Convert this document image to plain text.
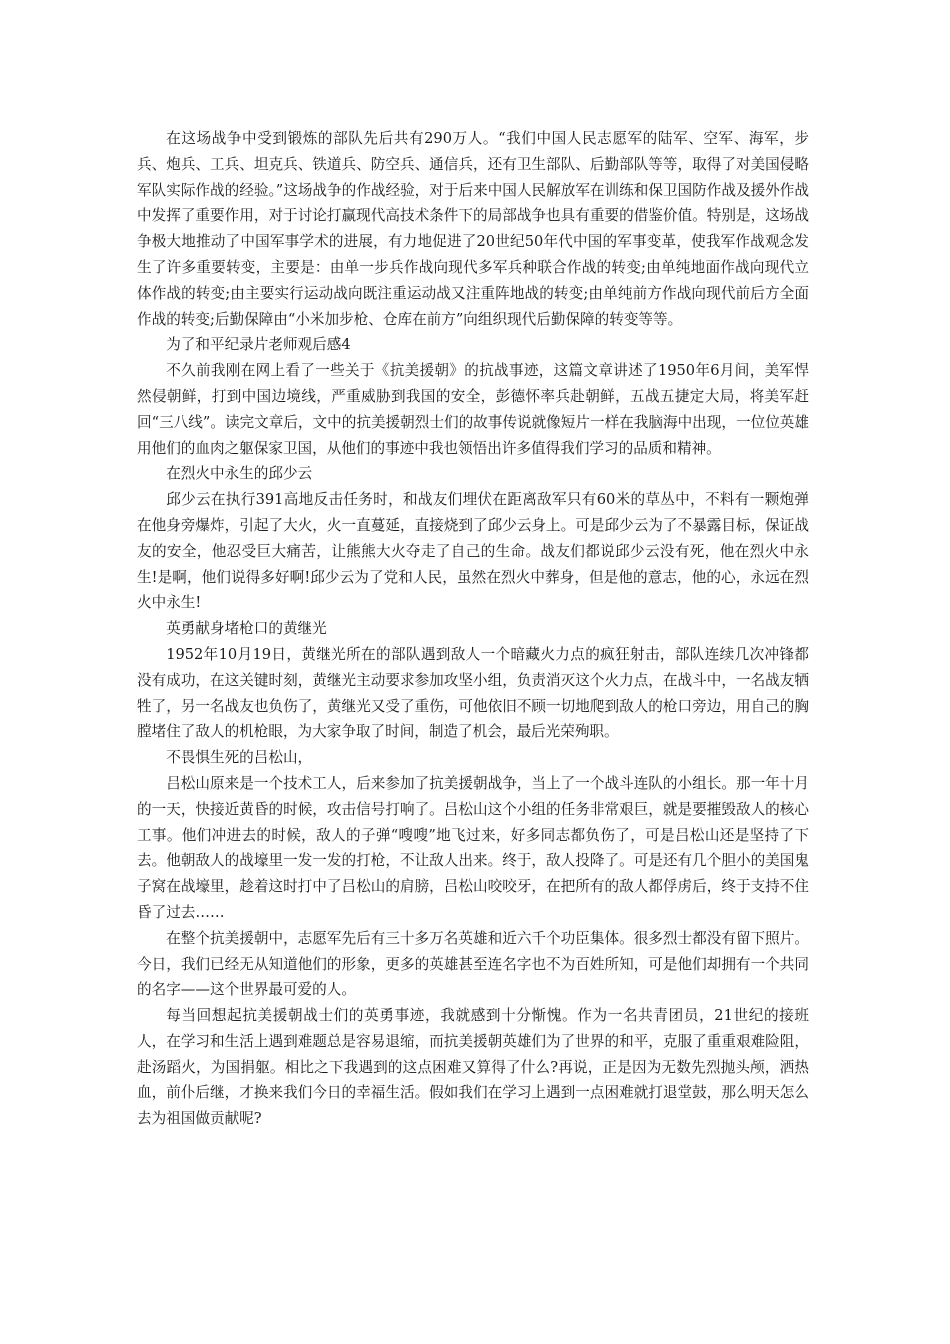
在这场战争中受到锻炼的部队先后共有290万人。“我们中国人民志愿军的陆军、空军、海军，步兵、炮兵、工兵、坦克兵、铁道兵、防空兵、通信兵，还有卫生部队、后勤部队等等，取得了对美国侵略军队实际作战的经验。”这场战争的作战经验，对于后来中国人民解放军在训练和保卫国防作战及援外作战中发挥了重要作用，对于讨论打赢现代高技术条件下的局部战争也具有重要的借鉴价值。特别是，这场战争极大地推动了中国军事学术的进展，有力地促进了20世纪50年代中国的军事变革，使我军作战观念发生了许多重要转变，主要是：由单一步兵作战向现代多军兵种联合作战的转变;由单纯地面作战向现代立体作战的转变;由主要实行运动战向既注重运动战又注重阵地战的转变;由单纯前方作战向现代前后方全面作战的转变;后勤保障由“小米加步枪、仓库在前方”向组织现代后勤保障的转变等等。

为了和平纪录片老师观后感4

不久前我刚在网上看了一些关于《抗美援朝》的抗战事迹，这篇文章讲述了1950年6月间，美军悍然侵朝鲜，打到中国边境线，严重威胁到我国的安全，彭德怀率兵赴朝鲜，五战五捷定大局，将美军赶回“三八线”。读完文章后，文中的抗美援朝烈士们的故事传说就像短片一样在我脑海中出现，一位位英雄用他们的血肉之躯保家卫国，从他们的事迹中我也领悟出许多值得我们学习的品质和精神。

在烈火中永生的邱少云

邱少云在执行391高地反击任务时，和战友们埋伏在距离敌军只有60米的草丛中，不料有一颗炮弹在他身旁爆炸，引起了大火，火一直蔓延，直接烧到了邱少云身上。可是邱少云为了不暴露目标，保证战友的安全，他忍受巨大痛苦，让熊熊大火夺走了自己的生命。战友们都说邱少云没有死，他在烈火中永生!是啊，他们说得多好啊!邱少云为了党和人民，虽然在烈火中葬身，但是他的意志，他的心，永远在烈火中永生!

英勇献身堵枪口的黄继光

1952年10月19日，黄继光所在的部队遇到敌人一个暗藏火力点的疯狂射击，部队连续几次冲锋都没有成功，在这关键时刻，黄继光主动要求参加攻坚小组，负责消灭这个火力点，在战斗中，一名战友牺牲了，另一名战友也负伤了，黄继光又受了重伤，可他依旧不顾一切地爬到敌人的枪口旁边，用自己的胸膛堵住了敌人的机枪眼，为大家争取了时间，制造了机会，最后光荣殉职。

不畏惧生死的吕松山，

吕松山原来是一个技术工人，后来参加了抗美援朝战争，当上了一个战斗连队的小组长。那一年十月的一天，快接近黄昏的时候，攻击信号打响了。吕松山这个小组的任务非常艰巨，就是要摧毁敌人的核心工事。他们冲进去的时候，敌人的子弹“嗖嗖”地飞过来，好多同志都负伤了，可是吕松山还是坚持了下去。他朝敌人的战壕里一发一发的打枪，不让敌人出来。终于，敌人投降了。可是还有几个胆小的美国鬼子窝在战壕里，趁着这时打中了吕松山的肩膀，吕松山咬咬牙，在把所有的敌人都俘虏后，终于支持不住昏了过去……

在整个抗美援朝中，志愿军先后有三十多万名英雄和近六千个功臣集体。很多烈士都没有留下照片。今日，我们已经无从知道他们的形象，更多的英雄甚至连名字也不为百姓所知，可是他们却拥有一个共同的名字——这个世界最可爱的人。

每当回想起抗美援朝战士们的英勇事迹，我就感到十分惭愧。作为一名共青团员，21世纪的接班人，在学习和生活上遇到难题总是容易退缩，而抗美援朝英雄们为了世界的和平，克服了重重艰难险阻，赴汤蹈火，为国捐躯。相比之下我遇到的这点困难又算得了什么?再说，正是因为无数先烈抛头颅，洒热血，前仆后继，才换来我们今日的幸福生活。假如我们在学习上遇到一点困难就打退堂鼓，那么明天怎么去为祖国做贡献呢?
